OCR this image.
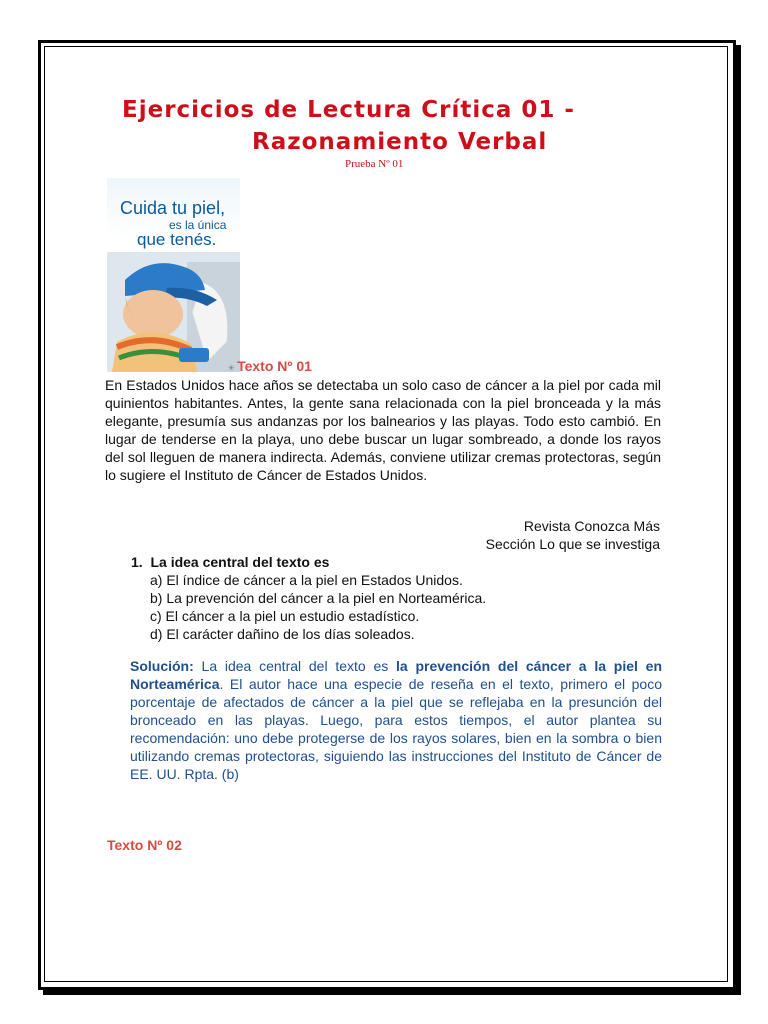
Ejercicios de Lectura Crítica 01 -
Razonamiento Verbal
Prueba Nº 01
Cuida tu piel,
es la única
que tenés.
☀ Texto Nº 01

En Estados Unidos hace años se detectaba un solo caso de cáncer a la piel por cada mil quinientos habitantes. Antes, la gente sana relacionada con la piel bronceada y la más elegante, presumía sus andanzas por los balnearios y las playas. Todo esto cambió. En lugar de tenderse en la playa, uno debe buscar un lugar sombreado, a donde los rayos del sol lleguen de manera indirecta. Además, conviene utilizar cremas protectoras, según lo sugiere el Instituto de Cáncer de Estados Unidos.

Revista Conozca Más
Sección Lo que se investiga
1. La idea central del texto es
a) El índice de cáncer a la piel en Estados Unidos.
b) La prevención del cáncer a la piel en Norteamérica.
c) El cáncer a la piel un estudio estadístico.
d) El carácter dañino de los días soleados.

Solución: La idea central del texto es la prevención del cáncer a la piel en Norteamérica. El autor hace una especie de reseña en el texto, primero el poco porcentaje de afectados de cáncer a la piel que se reflejaba en la presunción del bronceado en las playas. Luego, para estos tiempos, el autor plantea su recomendación: uno debe protegerse de los rayos solares, bien en la sombra o bien utilizando cremas protectoras, siguiendo las instrucciones del Instituto de Cáncer de EE. UU. Rpta. (b)

Texto Nº 02
